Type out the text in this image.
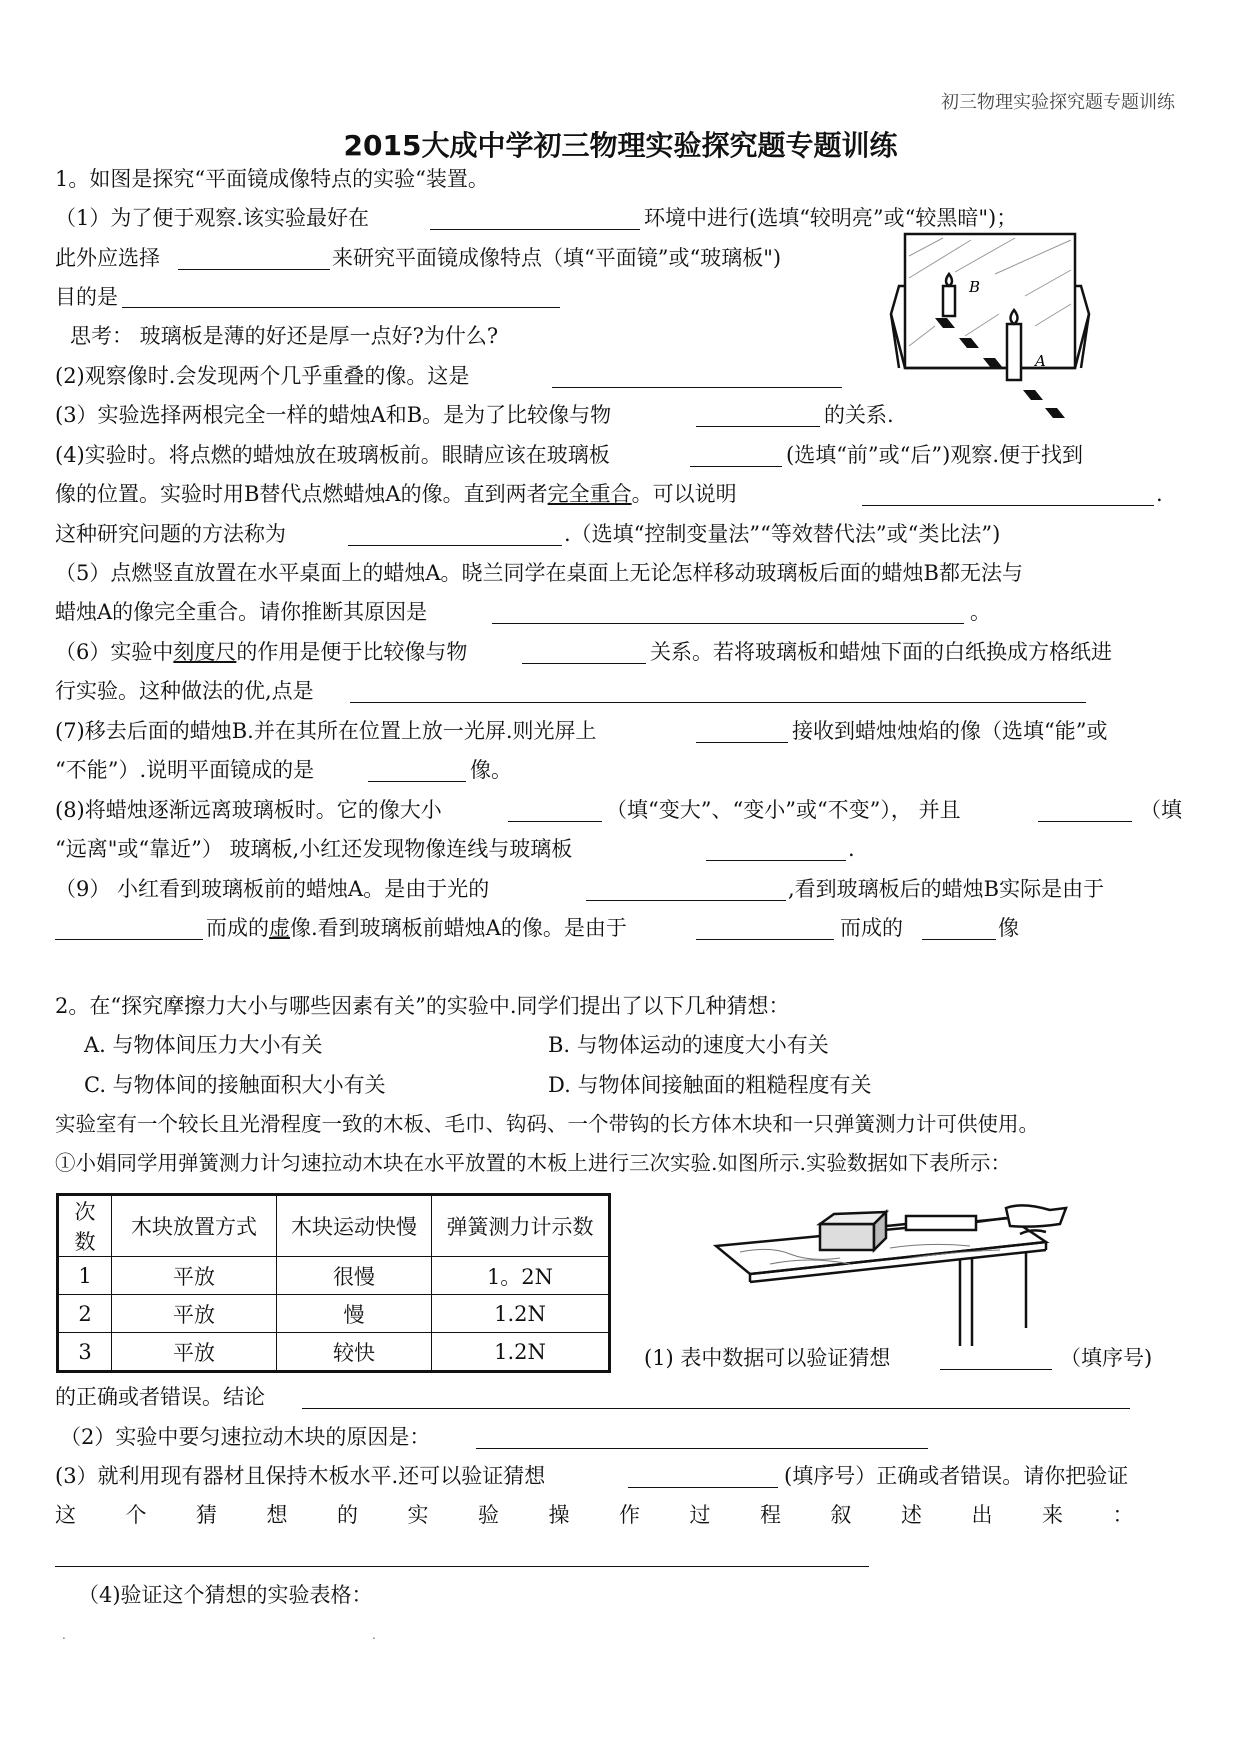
初三物理实验探究题专题训练
2015大成中学初三物理实验探究题专题训练
1。如图是探究“平面镜成像特点的实验“装置。
（1）为了便于观察.该实验最好在	环境中进行(选填“较明亮”或“较黑暗")；
此外应选择	来研究平面镜成像特点（填“平面镜”或“玻璃板")
目的是
思考： 玻璃板是薄的好还是厚一点好?为什么?
(2)观察像时.会发现两个几乎重叠的像。这是
B
A
(3）实验选择两根完全一样的蜡烛A和B。是为了比较像与物	的关系.
(4)实验时。将点燃的蜡烛放在玻璃板前。眼睛应该在玻璃板	(选填“前”或“后”)观察.便于找到
像的位置。实验时用B替代点燃蜡烛A的像。直到两者完全重合。可以说明	.
这种研究问题的方法称为	.（选填“控制变量法”“等效替代法”或“类比法”)
（5）点燃竖直放置在水平桌面上的蜡烛A。晓兰同学在桌面上无论怎样移动玻璃板后面的蜡烛B都无法与
蜡烛A的像完全重合。请你推断其原因是	。
（6）实验中刻度尺的作用是便于比较像与物	关系。若将玻璃板和蜡烛下面的白纸换成方格纸进
行实验。这种做法的优,点是
(7)移去后面的蜡烛B.并在其所在位置上放一光屏.则光屏上	接收到蜡烛烛焰的像（选填“能”或
“不能”）.说明平面镜成的是	像。
(8)将蜡烛逐渐远离玻璃板时。它的像大小	（填“变大”、“变小”或“不变”）， 并且	（填
“远离"或“靠近”） 玻璃板,小红还发现物像连线与玻璃板	.
（9） 小红看到玻璃板前的蜡烛A。是由于光的	,看到玻璃板后的蜡烛B实际是由于
而成的虚像.看到玻璃板前蜡烛A的像。是由于	而成的	像
2。在“探究摩擦力大小与哪些因素有关”的实验中.同学们提出了以下几种猜想：
A. 与物体间压力大小有关	B. 与物体运动的速度大小有关
C. 与物体间的接触面积大小有关	D. 与物体间接触面的粗糙程度有关
实验室有一个较长且光滑程度一致的木板、毛巾、钩码、一个带钩的长方体木块和一只弹簧测力计可供使用。
①小娟同学用弹簧测力计匀速拉动木块在水平放置的木板上进行三次实验.如图所示.实验数据如下表所示：
次数	木块放置方式	木块运动快慢	弹簧测力计示数
1	平放	很慢	1。2N
2	平放	慢	1.2N
3	平放	较快	1.2N	(1) 表中数据可以验证猜想	（填序号)
的正确或者错误。结论
（2）实验中要匀速拉动木块的原因是：
(3）就利用现有器材且保持木板水平.还可以验证猜想	(填序号）正确或者错误。请你把验证
这个猜想的实验操作过程叙述出来：
（4)验证这个猜想的实验表格：
.	.
